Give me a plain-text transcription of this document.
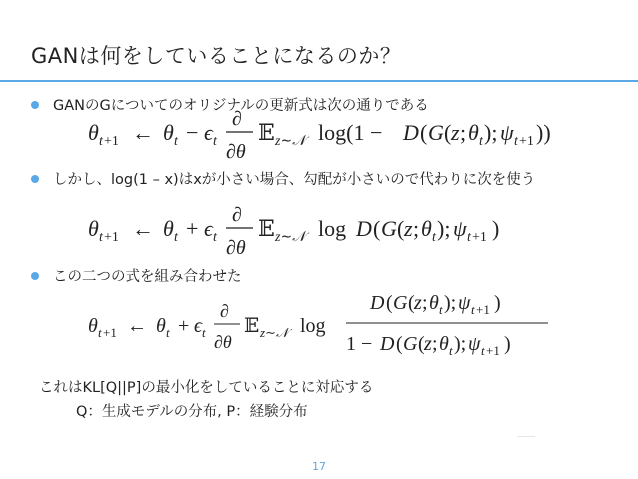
GANは何をしていることになるのか？
GANのGについてのオリジナルの更新式は次の通りである
θ t +1 ← θ t − ϵ t
∂
∂θ
𝔼 z∼𝒩 log(1 − D ( G ( z ; θ t ); ψ t +1 ))
しかし、log(1 – x)はxが小さい場合、勾配が小さいので代わりに次を使う
θ t +1 ← θ t + ϵ t
∂
∂θ
𝔼 z∼𝒩 log D ( G ( z ; θ t ); ψ t +1 )
この二つの式を組み合わせた
θ t +1 ← θ t + ϵ t
∂
∂θ
𝔼 z∼𝒩 log
D ( G ( z ; θ t ); ψ t +1 )
1 − D ( G ( z ; θ t ); ψ t +1 )
これはKL[Q||P]の最小化をしていることに対応する
Q：生成モデルの分布, P：経験分布
17
